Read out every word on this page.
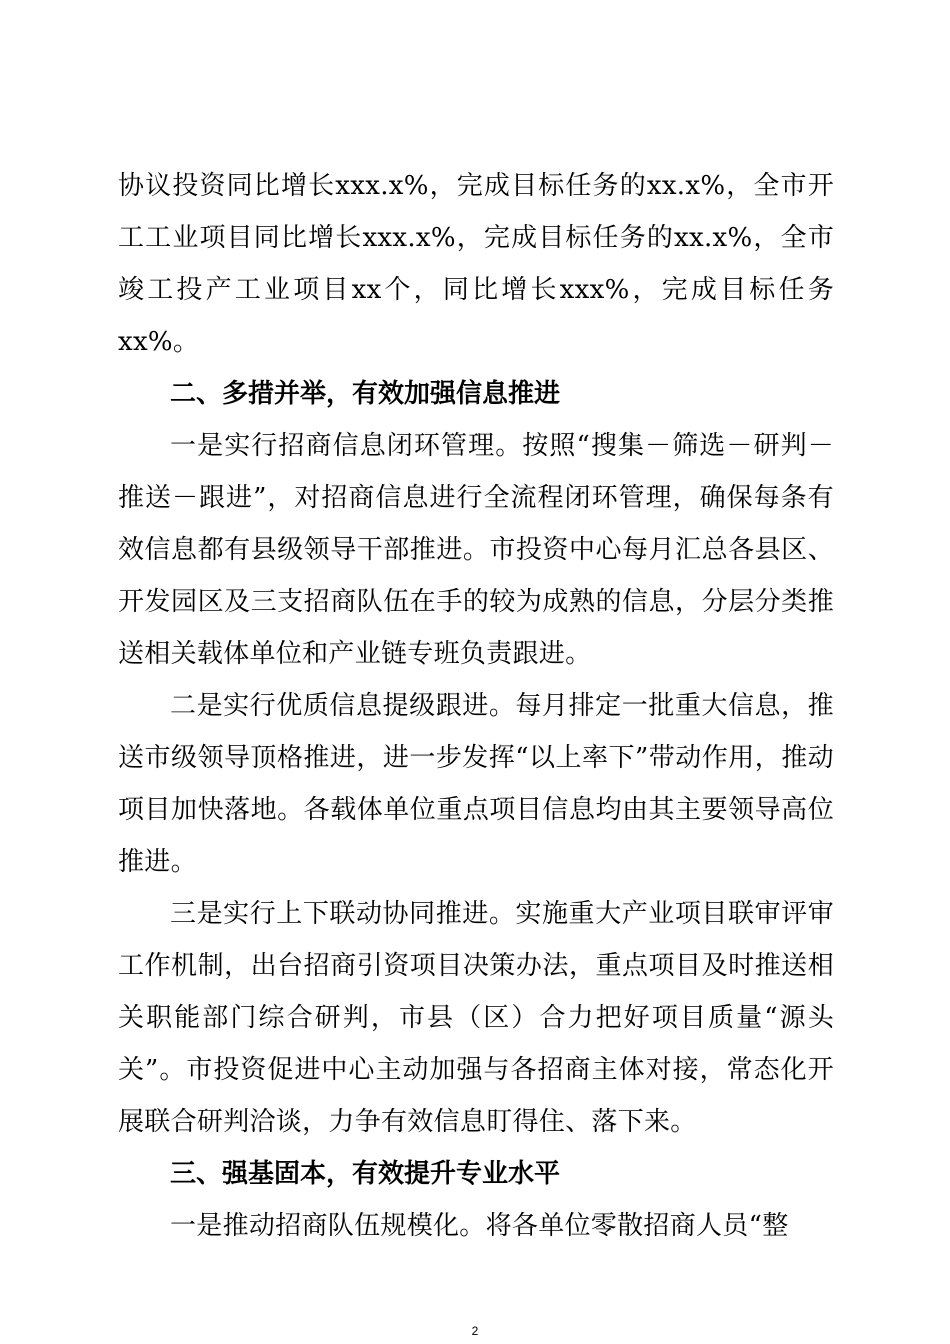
协议投资同比增长xxx.x%，完成目标任务的xx.x%，全市开工工业项目同比增长xxx.x%，完成目标任务的xx.x%，全市竣工投产工业项目xx个，同比增长xxx%，完成目标任务xx%。

二、多措并举，有效加强信息推进

一是实行招商信息闭环管理。按照“搜集－筛选－研判－推送－跟进”，对招商信息进行全流程闭环管理，确保每条有效信息都有县级领导干部推进。市投资中心每月汇总各县区、开发园区及三支招商队伍在手的较为成熟的信息，分层分类推送相关载体单位和产业链专班负责跟进。

二是实行优质信息提级跟进。每月排定一批重大信息，推送市级领导顶格推进，进一步发挥“以上率下”带动作用，推动项目加快落地。各载体单位重点项目信息均由其主要领导高位推进。

三是实行上下联动协同推进。实施重大产业项目联审评审工作机制，出台招商引资项目决策办法，重点项目及时推送相关职能部门综合研判，市县（区）合力把好项目质量“源头关”。市投资促进中心主动加强与各招商主体对接，常态化开展联合研判洽谈，力争有效信息盯得住、落下来。

三、强基固本，有效提升专业水平

一是推动招商队伍规模化。将各单位零散招商人员“整

2
